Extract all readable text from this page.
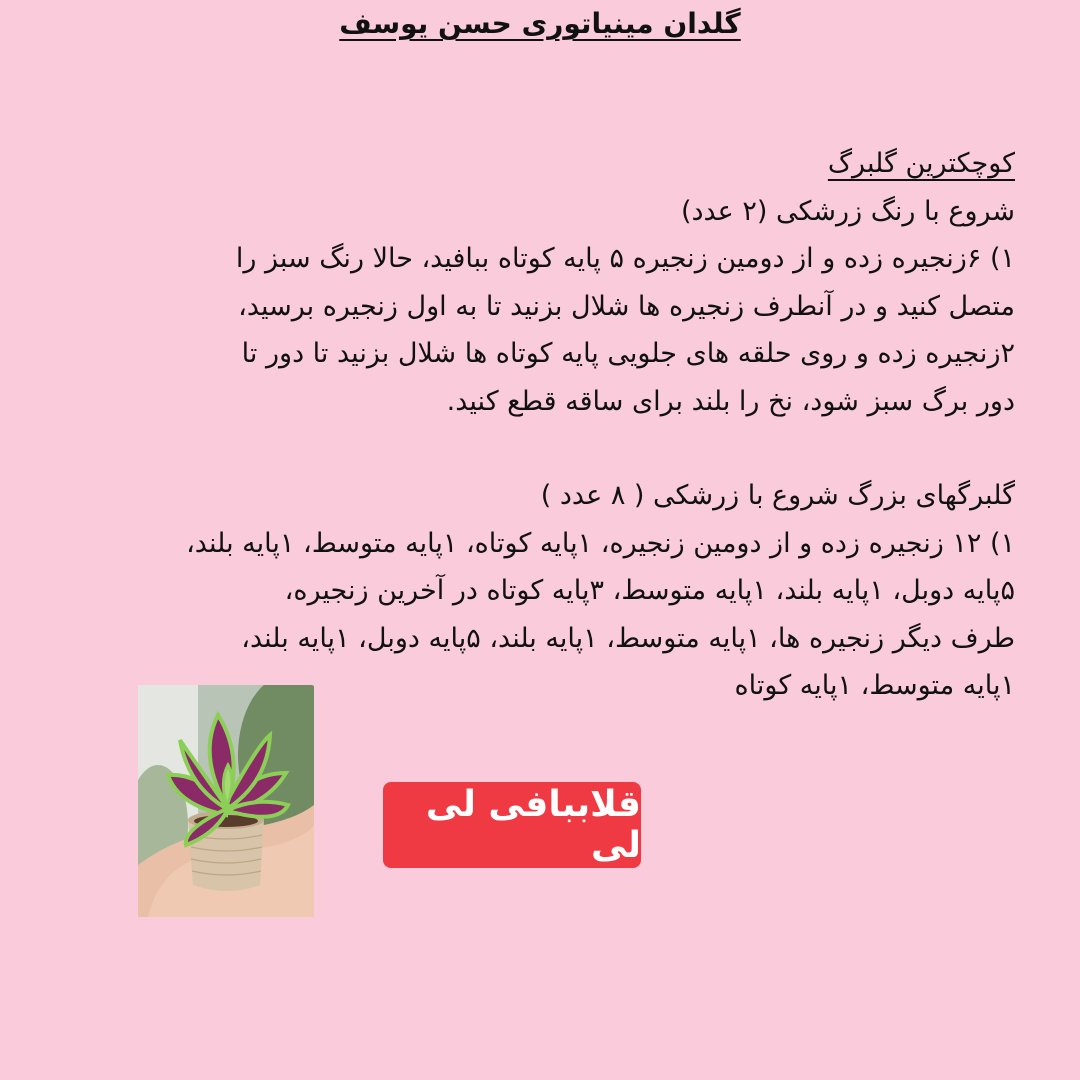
گلدان مینیاتوری حسن یوسف

کوچکترین گلبرگ

شروع با رنگ زرشکی (۲ عدد)

۱) ۶زنجیره زده و از دومین زنجیره ۵ پایه کوتاه ببافید، حالا رنگ سبز را

متصل کنید و در آنطرف زنجیره ها شلال بزنید تا به اول زنجیره برسید،

۲زنجیره زده و روی حلقه های جلویی پایه کوتاه ها شلال بزنید تا دور تا

دور برگ سبز شود، نخ را بلند برای ساقه قطع کنید.

گلبرگهای بزرگ شروع با زرشکی ( ۸ عدد )

۱) ۱۲ زنجیره زده و از دومین زنجیره، ۱پایه کوتاه، ۱پایه متوسط، ۱پایه بلند،

۵پایه دوبل، ۱پایه بلند، ۱پایه متوسط، ۳پایه کوتاه در آخرین زنجیره،

طرف دیگر زنجیره ها، ۱پایه متوسط، ۱پایه بلند، ۵پایه دوبل، ۱پایه بلند،

۱پایه متوسط، ۱پایه کوتاه

قلاببافی لی لی
